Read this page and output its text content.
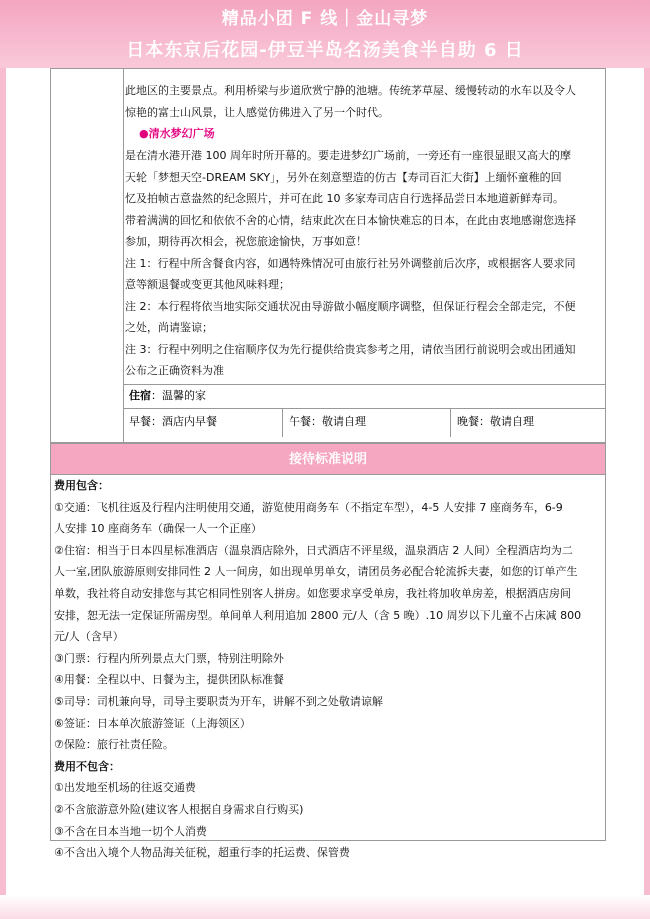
精品小团 F 线｜金山寻梦
日本东京后花园-伊豆半岛名汤美食半自助 6 日

此地区的主要景点。利用桥梁与步道欣赏宁静的池塘。传统茅草屋、缓慢转动的水车以及令人

惊艳的富士山风景，让人感觉仿佛进入了另一个时代。

●清水梦幻广场

是在清水港开港 100 周年时所开幕的。要走进梦幻广场前，一旁还有一座很显眼又高大的摩

天轮「梦想天空-DREAM SKY」，另外在刻意塑造的仿古【寿司百汇大街】上缅怀童稚的回

忆及拍帧古意盎然的纪念照片，并可在此 10 多家寿司店自行选择品尝日本地道新鲜寿司。

带着满满的回忆和依依不舍的心情，结束此次在日本愉快难忘的日本，在此由衷地感谢您选择

参加，期待再次相会，祝您旅途愉快，万事如意！

注 1：行程中所含餐食内容，如遇特殊情况可由旅行社另外调整前后次序，或根据客人要求同

意等额退餐或变更其他风味料理；

注 2：本行程将依当地实际交通状况由导游做小幅度顺序调整，但保证行程会全部走完，不便

之处，尚请鉴谅；

注 3：行程中列明之住宿顺序仅为先行提供给贵宾参考之用，请依当团行前说明会或出团通知

公布之正确资料为准

住宿：温馨的家
早餐：酒店内早餐	午餐：敬请自理	晚餐：敬请自理
接待标准说明

费用包含：

①交通：飞机往返及行程内注明使用交通，游览使用商务车（不指定车型），4-5 人安排 7 座商务车，6-9

人安排 10 座商务车（确保一人一个正座）

②住宿：相当于日本四星标准酒店（温泉酒店除外，日式酒店不评星级，温泉酒店 2 人间）全程酒店均为二

人一室,团队旅游原则安排同性 2 人一间房，如出现单男单女，请团员务必配合轮流拆夫妻，如您的订单产生

单数，我社将自动安排您与其它相同性别客人拼房。如您要求享受单房，我社将加收单房差，根据酒店房间

安排，恕无法一定保证所需房型。单间单人利用追加 2800 元/人（含 5 晚）.10 周岁以下儿童不占床减 800

元/人（含早）

③门票：行程内所列景点大门票，特别注明除外

④用餐：全程以中、日餐为主，提供团队标准餐

⑤司导：司机兼向导，司导主要职责为开车，讲解不到之处敬请谅解

⑥签证：日本单次旅游签证（上海领区）

⑦保险：旅行社责任险。

费用不包含：

①出发地至机场的往返交通费

②不含旅游意外险(建议客人根据自身需求自行购买)

③不含在日本当地一切个人消费

④不含出入境个人物品海关征税，超重行李的托运费、保管费
